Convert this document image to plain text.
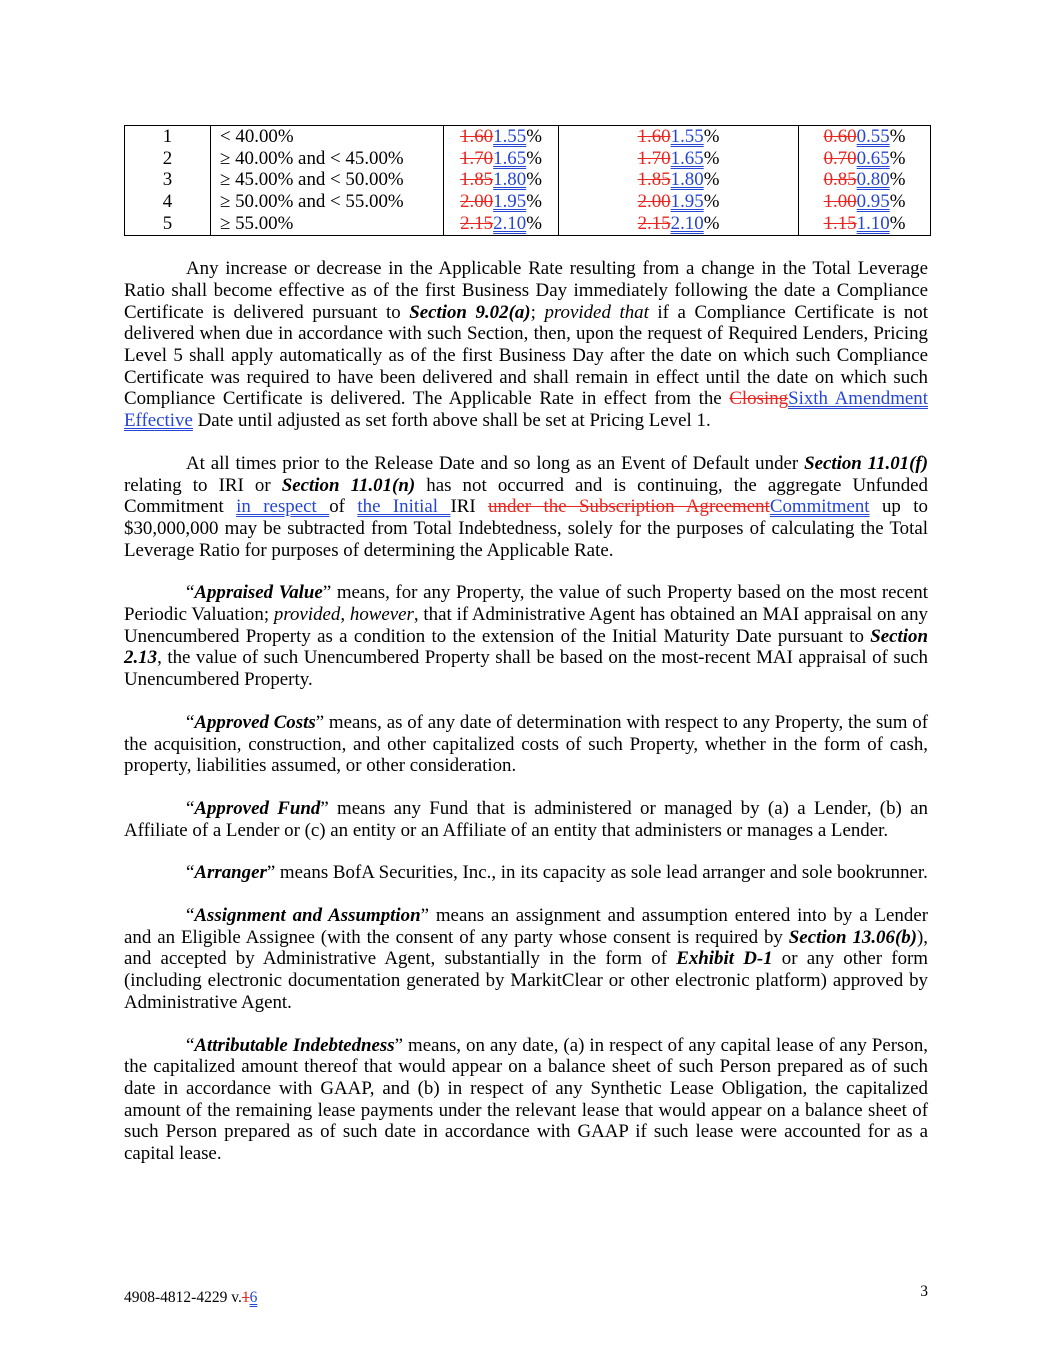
1	< 40.00%	1.601.55%	1.601.55%	0.600.55%
2	≥ 40.00% and < 45.00%	1.701.65%	1.701.65%	0.700.65%
3	≥ 45.00% and < 50.00%	1.851.80%	1.851.80%	0.850.80%
4	≥ 50.00% and < 55.00%	2.001.95%	2.001.95%	1.000.95%
5	≥ 55.00%	2.152.10%	2.152.10%	1.151.10%

Any increase or decrease in the Applicable Rate resulting from a change in the Total Leverage Ratio shall become effective as of the first Business Day immediately following the date a Compliance Certificate is delivered pursuant to Section 9.02(a); provided that if a Compliance Certificate is not delivered when due in accordance with such Section, then, upon the request of Required Lenders, Pricing Level 5 shall apply automatically as of the first Business Day after the date on which such Compliance Certificate was required to have been delivered and shall remain in effect until the date on which such Compliance Certificate is delivered. The Applicable Rate in effect from the ClosingSixth Amendment Effective Date until adjusted as set forth above shall be set at Pricing Level 1.

At all times prior to the Release Date and so long as an Event of Default under Section 11.01(f) relating to IRI or Section 11.01(n) has not occurred and is continuing, the aggregate Unfunded Commitment in respect of the Initial IRI under the Subscription AgreementCommitment up to $30,000,000 may be subtracted from Total Indebtedness, solely for the purposes of calculating the Total Leverage Ratio for purposes of determining the Applicable Rate.

“Appraised Value” means, for any Property, the value of such Property based on the most recent Periodic Valuation; provided, however, that if Administrative Agent has obtained an MAI appraisal on any Unencumbered Property as a condition to the extension of the Initial Maturity Date pursuant to Section 2.13, the value of such Unencumbered Property shall be based on the most-recent MAI appraisal of such Unencumbered Property.

“Approved Costs” means, as of any date of determination with respect to any Property, the sum of the acquisition, construction, and other capitalized costs of such Property, whether in the form of cash, property, liabilities assumed, or other consideration.

“Approved Fund” means any Fund that is administered or managed by (a) a Lender, (b) an Affiliate of a Lender or (c) an entity or an Affiliate of an entity that administers or manages a Lender.

“Arranger” means BofA Securities, Inc., in its capacity as sole lead arranger and sole bookrunner.

“Assignment and Assumption” means an assignment and assumption entered into by a Lender and an Eligible Assignee (with the consent of any party whose consent is required by Section 13.06(b)), and accepted by Administrative Agent, substantially in the form of Exhibit D-1 or any other form (including electronic documentation generated by MarkitClear or other electronic platform) approved by Administrative Agent.

“Attributable Indebtedness” means, on any date, (a) in respect of any capital lease of any Person, the capitalized amount thereof that would appear on a balance sheet of such Person prepared as of such date in accordance with GAAP, and (b) in respect of any Synthetic Lease Obligation, the capitalized amount of the remaining lease payments under the relevant lease that would appear on a balance sheet of such Person prepared as of such date in accordance with GAAP if such lease were accounted for as a capital lease.

4908-4812-4229 v.16	3
